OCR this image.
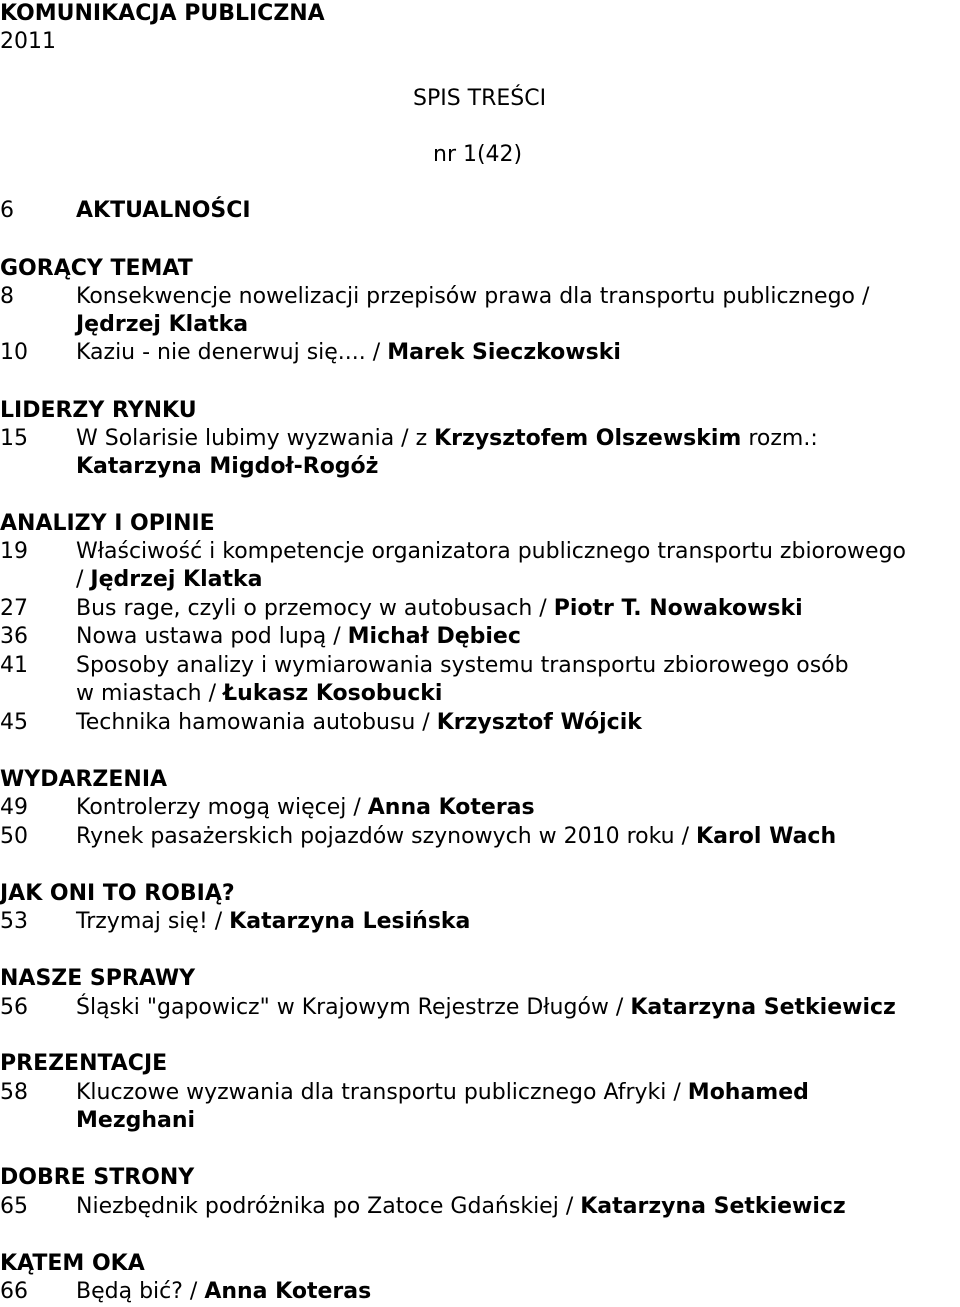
KOMUNIKACJA PUBLICZNA
2011
SPIS TREŚCI
nr 1(42)
6	AKTUALNOŚCI
GORĄCY TEMAT
8	Konsekwencje nowelizacji przepisów prawa dla transportu publicznego /
Jędrzej Klatka
10 Kaziu - nie denerwuj się.... / Marek Sieczkowski
LIDERZY RYNKU
15 W Solarisie lubimy wyzwania / z Krzysztofem Olszewskim rozm.:
Katarzyna Migdoł-Rogóż
ANALIZY I OPINIE
19 Właściwość i kompetencje organizatora publicznego transportu zbiorowego
/ Jędrzej Klatka
27 Bus rage, czyli o przemocy w autobusach / Piotr T. Nowakowski
36 Nowa ustawa pod lupą / Michał Dębiec
41 Sposoby analizy i wymiarowania systemu transportu zbiorowego osób
w miastach / Łukasz Kosobucki
45 Technika hamowania autobusu / Krzysztof Wójcik
WYDARZENIA
49 Kontrolerzy mogą więcej / Anna Koteras
50 Rynek pasażerskich pojazdów szynowych w 2010 roku / Karol Wach
JAK ONI TO ROBIĄ?
53 Trzymaj się! / Katarzyna Lesińska
NASZE SPRAWY
56 Śląski "gapowicz" w Krajowym Rejestrze Długów / Katarzyna Setkiewicz
PREZENTACJE
58 Kluczowe wyzwania dla transportu publicznego Afryki / Mohamed
Mezghani
DOBRE STRONY
65 Niezbędnik podróżnika po Zatoce Gdańskiej / Katarzyna Setkiewicz
KĄTEM OKA
66 Będą bić? / Anna Koteras
